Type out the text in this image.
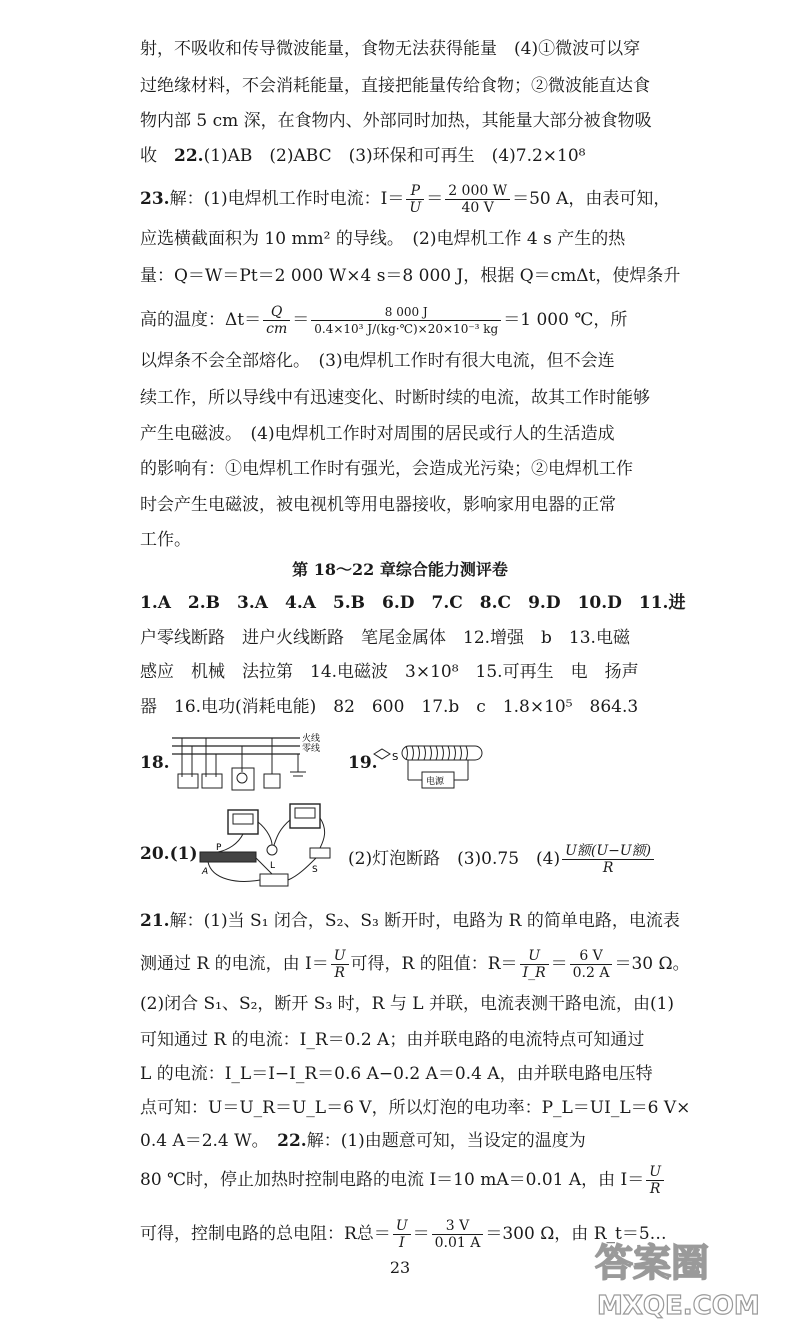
射，不吸收和传导微波能量，食物无法获得能量　(4)①微波可以穿
过绝缘材料，不会消耗能量，直接把能量传给食物；②微波能直达食
物内部 5 cm 深，在食物内、外部同时加热，其能量大部分被食物吸
收　22.(1)AB　(2)ABC　(3)环保和可再生　(4)7.2×10⁸
23.解：(1)电焊机工作时电流：$I= \frac{P}{U} = \frac{2 000 W}{40 V} =50$ A，由表可知，
应选横截面积为 10 mm² 的导线。　(2)电焊机工作 4 s 产生的热
量：Q＝W＝Pt＝2 000 W×4 s＝8 000 J，根据 Q＝cmΔt，使焊条升
高的温度：$\Delta t= \frac{Q}{cm} = \frac{8 000 J}{\text{0.4×10³ J/(kg·℃)×20×10⁻³ kg}} =1$ 000 ℃，所
以焊条不会全部熔化。　(3)电焊机工作时有很大电流，但不会连
续工作，所以导线中有迅速变化、时断时续的电流，故其工作时能够
产生电磁波。　(4)电焊机工作时对周围的居民或行人的生活造成
的影响有：①电焊机工作时有强光，会造成光污染；②电焊机工作
时会产生电磁波，被电视机等用电器接收，影响家用电器的正常
工作。
第 18～22 章综合能力测评卷
1.A　2.B　3.A　4.A　5.B　6.D　7.C　8.C　9.D　10.D　11.进
户零线断路　进户火线断路　笔尾金属体　12.增强　b　13.电磁
感应　机械　法拉第　14.电磁波　3×10⁸　15.可再生　电　扬声
器　16.电功(消耗电能)　82　600　17.b　c　1.8×10⁵　864.3
18.
火线
零线
19.	S
电源
20.(1) P
A
L	S
(2)灯泡断路　(3)0.75　$(4) \frac{\text{U额(U−U额)}}{R}$
21.解：(1)当 S₁ 闭合，S₂、S₃ 断开时，电路为 R 的简单电路，电流表
测通过 R 的电流，由 $I= \frac{U}{R}$ 可得，R 的阻值：$R= \frac{U}{I\_R} = \frac{6 V}{0.2 A} =30$ Ω。
(2)闭合 S₁、S₂，断开 S₃ 时，R 与 L 并联，电流表测干路电流，由(1)
可知通过 R 的电流：I_R＝0.2 A；由并联电路的电流特点可知通过
L 的电流：I_L＝I−I_R＝0.6 A−0.2 A＝0.4 A，由并联电路电压特
点可知：U＝U_R＝U_L＝6 V，所以灯泡的电功率：P_L＝UI_L＝6 V×
0.4 A＝2.4 W。　22.解：(1)由题意可知，当设定的温度为
80 ℃时，停止加热时控制电路的电流 I＝10 mA＝0.01 A，由 $I= \frac{U}{R}$
可得，控制电路的总电阻：R总＝ $\frac{U}{I} = \frac{3 V}{0.01 A} =300$ Ω，由 R_t＝5…
23	答案圈
MXQE.COM
